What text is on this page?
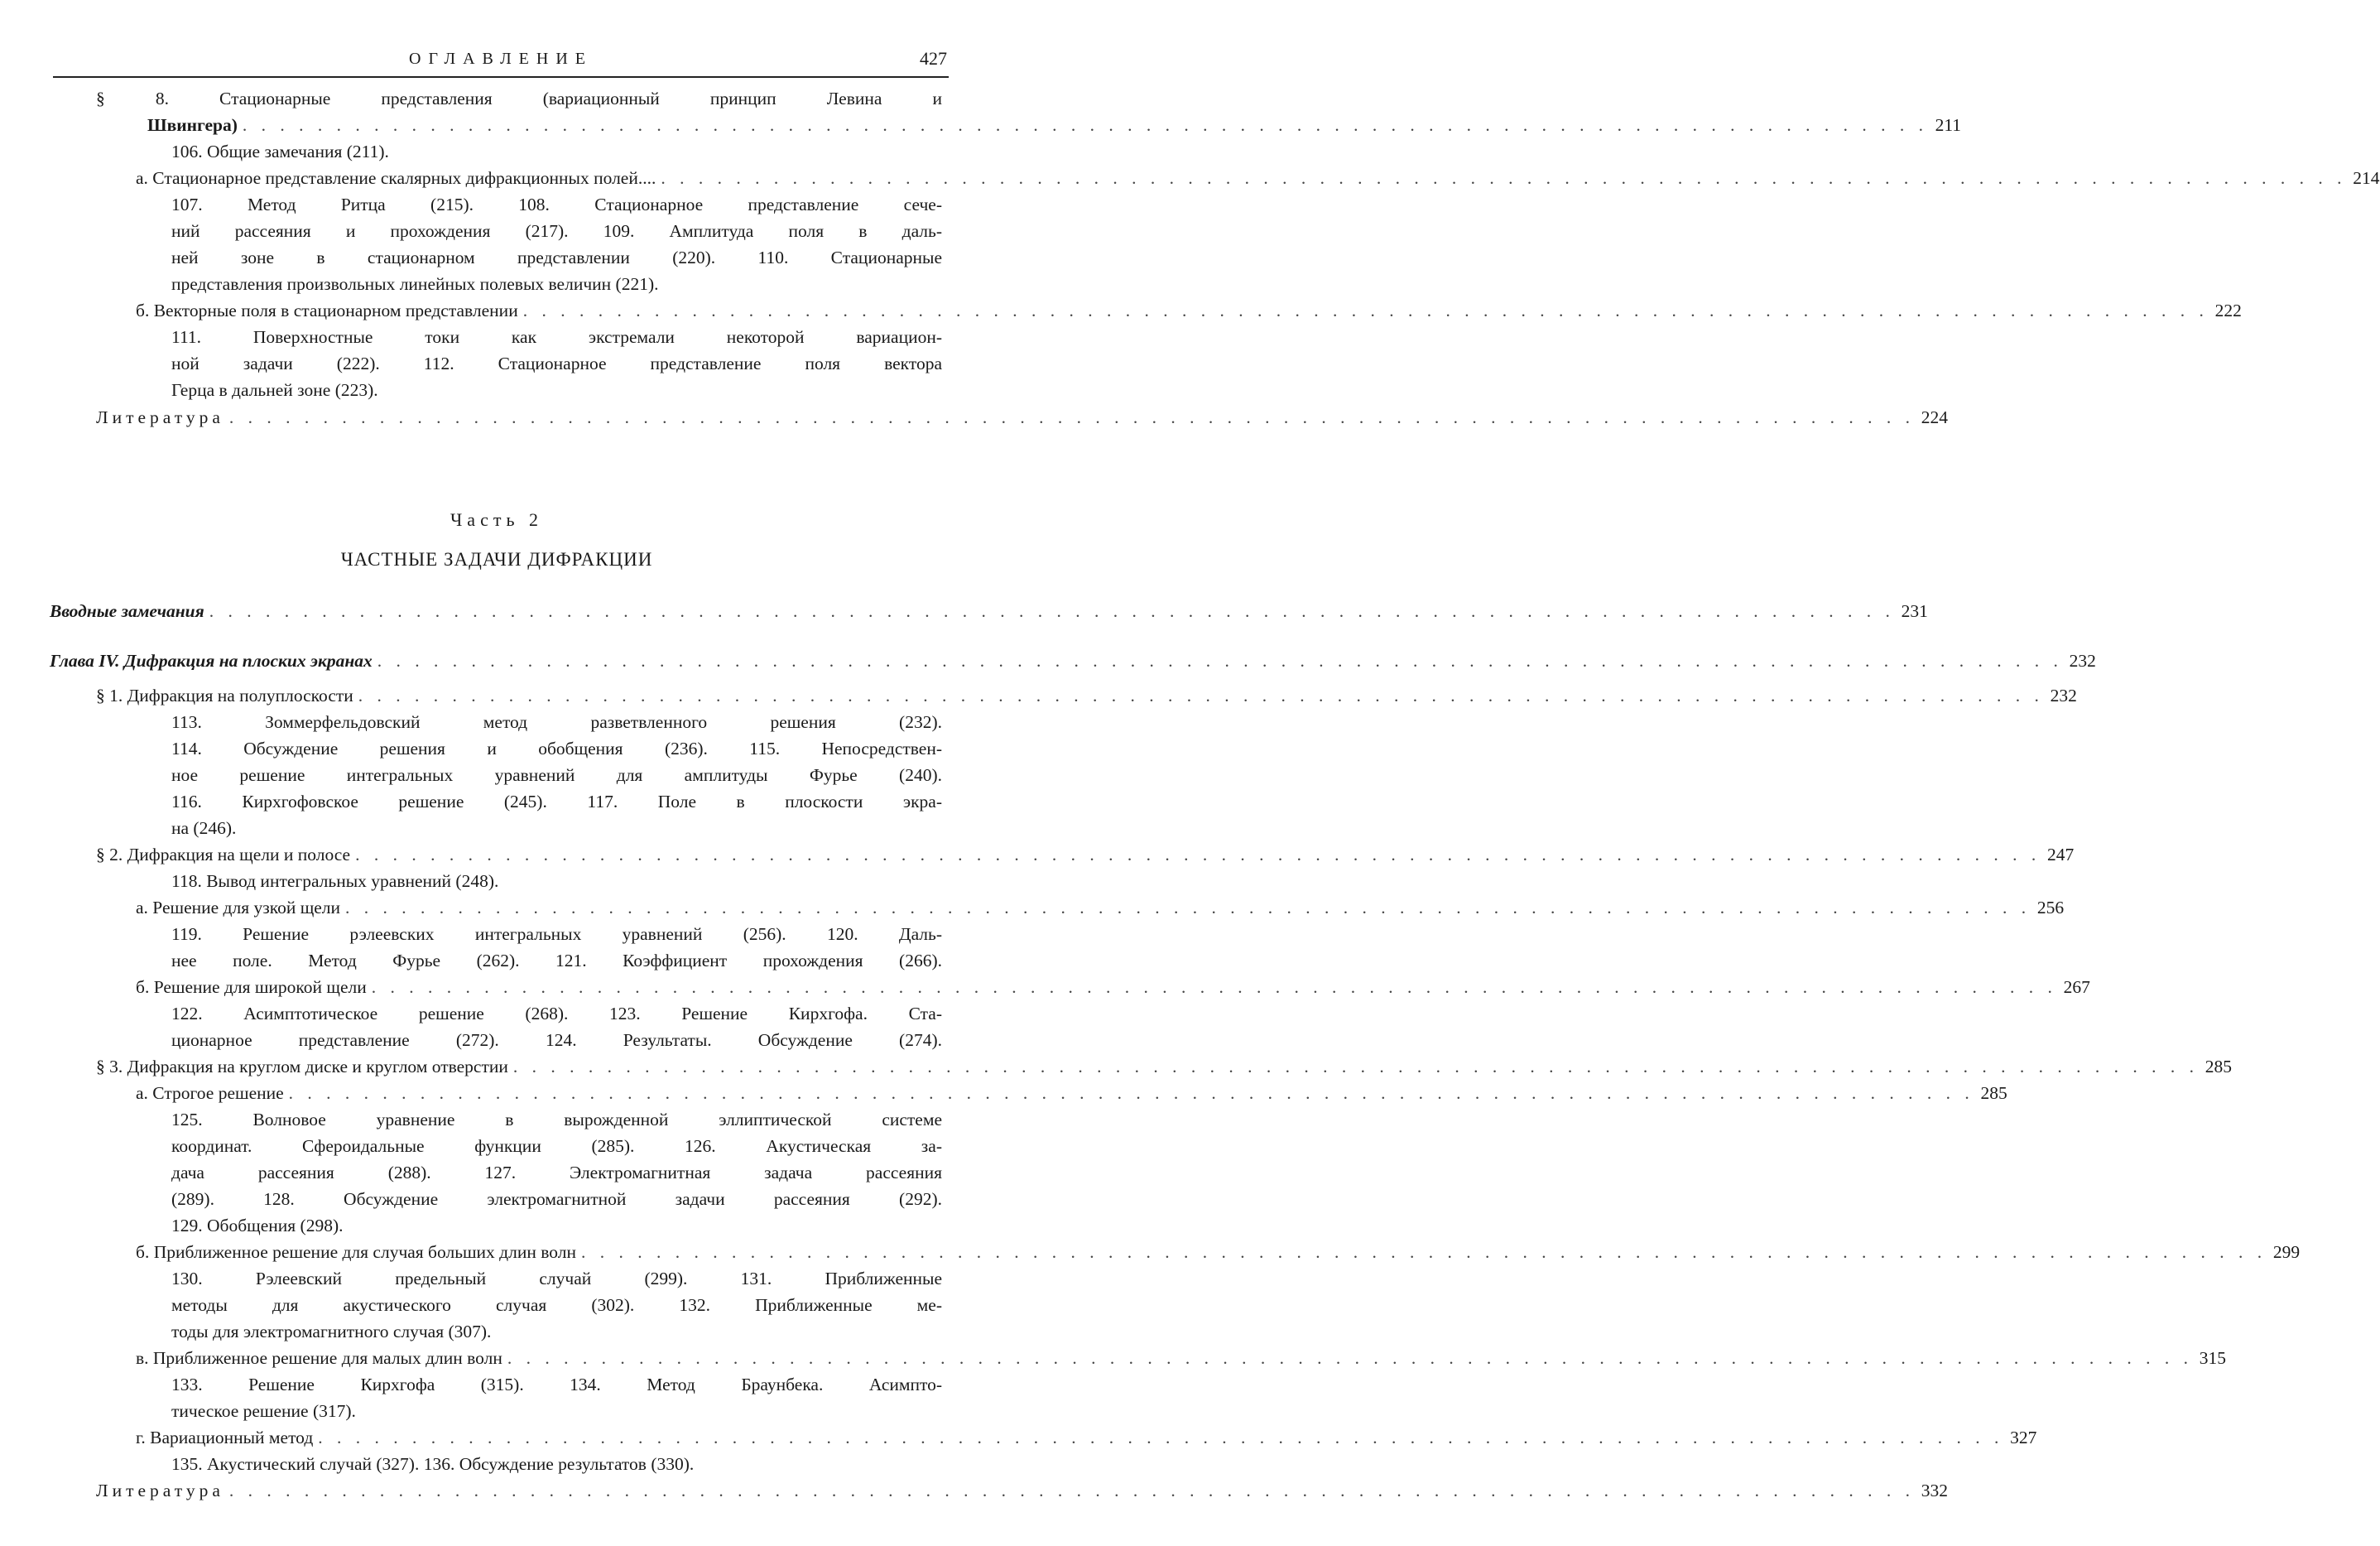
ОГЛАВЛЕНИЕ	427
§ 8. Стационарные представления (вариационный принцип Левина и
Швингера) . . . . . . . . . . . . . . . . . . . . . . . . . . . . . . . . . . . . . . . . . . . . . . . . . . . . . . . . . . . . . . . . . . . . . . . . . . . . . . . . . . . . . . . . . . 211
106. Общие замечания (211).
а. Стационарное представление скалярных дифракционных полей.... . . . . . . . . . . . . . . . . . . . . . . . . . . . . . . . . . . . . . . . . . . . . . . . . . . . . . . . . . . . . . . . . . . . . . . . . . . . . . . . . . . . . . . . . . . 214
107. Метод Ритца (215). 108. Стационарное представление сече-
ний рассеяния и прохождения (217). 109. Амплитуда поля в даль-
ней зоне в стационарном представлении (220). 110. Стационарные
представления произвольных линейных полевых величин (221).
б. Векторные поля в стационарном представлении . . . . . . . . . . . . . . . . . . . . . . . . . . . . . . . . . . . . . . . . . . . . . . . . . . . . . . . . . . . . . . . . . . . . . . . . . . . . . . . . . . . . . . . . . . 222
111. Поверхностные токи как экстремали некоторой вариацион-
ной задачи (222). 112. Стационарное представление поля вектора
Герца в дальней зоне (223).
Литература . . . . . . . . . . . . . . . . . . . . . . . . . . . . . . . . . . . . . . . . . . . . . . . . . . . . . . . . . . . . . . . . . . . . . . . . . . . . . . . . . . . . . . . . . . 224
Часть 2
ЧАСТНЫЕ ЗАДАЧИ ДИФРАКЦИИ
Вводные замечания . . . . . . . . . . . . . . . . . . . . . . . . . . . . . . . . . . . . . . . . . . . . . . . . . . . . . . . . . . . . . . . . . . . . . . . . . . . . . . . . . . . . . . . . . . 231
Глава IV. Дифракция на плоских экранах . . . . . . . . . . . . . . . . . . . . . . . . . . . . . . . . . . . . . . . . . . . . . . . . . . . . . . . . . . . . . . . . . . . . . . . . . . . . . . . . . . . . . . . . . . 232
§ 1. Дифракция на полуплоскости . . . . . . . . . . . . . . . . . . . . . . . . . . . . . . . . . . . . . . . . . . . . . . . . . . . . . . . . . . . . . . . . . . . . . . . . . . . . . . . . . . . . . . . . . . 232
113. Зоммерфельдовский метод разветвленного решения (232).
114. Обсуждение решения и обобщения (236). 115. Непосредствен-
ное решение интегральных уравнений для амплитуды Фурье (240).
116. Кирхгофовское решение (245). 117. Поле в плоскости экра-
на (246).
§ 2. Дифракция на щели и полосе . . . . . . . . . . . . . . . . . . . . . . . . . . . . . . . . . . . . . . . . . . . . . . . . . . . . . . . . . . . . . . . . . . . . . . . . . . . . . . . . . . . . . . . . . . 247
118. Вывод интегральных уравнений (248).
а. Решение для узкой щели . . . . . . . . . . . . . . . . . . . . . . . . . . . . . . . . . . . . . . . . . . . . . . . . . . . . . . . . . . . . . . . . . . . . . . . . . . . . . . . . . . . . . . . . . . 256
119. Решение рэлеевских интегральных уравнений (256). 120. Даль-
нее поле. Метод Фурье (262). 121. Коэффициент прохождения (266).
б. Решение для широкой щели . . . . . . . . . . . . . . . . . . . . . . . . . . . . . . . . . . . . . . . . . . . . . . . . . . . . . . . . . . . . . . . . . . . . . . . . . . . . . . . . . . . . . . . . . . 267
122. Асимптотическое решение (268). 123. Решение Кирхгофа. Ста-
ционарное представление (272). 124. Результаты. Обсуждение (274).
§ 3. Дифракция на круглом диске и круглом отверстии . . . . . . . . . . . . . . . . . . . . . . . . . . . . . . . . . . . . . . . . . . . . . . . . . . . . . . . . . . . . . . . . . . . . . . . . . . . . . . . . . . . . . . . . . . 285
а. Строгое решение . . . . . . . . . . . . . . . . . . . . . . . . . . . . . . . . . . . . . . . . . . . . . . . . . . . . . . . . . . . . . . . . . . . . . . . . . . . . . . . . . . . . . . . . . . 285
125. Волновое уравнение в вырожденной эллиптической системе
координат. Сфероидальные функции (285). 126. Акустическая за-
дача рассеяния (288). 127. Электромагнитная задача рассеяния
(289). 128. Обсуждение электромагнитной задачи рассеяния (292).
129. Обобщения (298).
б. Приближенное решение для случая больших длин волн . . . . . . . . . . . . . . . . . . . . . . . . . . . . . . . . . . . . . . . . . . . . . . . . . . . . . . . . . . . . . . . . . . . . . . . . . . . . . . . . . . . . . . . . . . 299
130. Рэлеевский предельный случай (299). 131. Приближенные
методы для акустического случая (302). 132. Приближенные ме-
тоды для электромагнитного случая (307).
в. Приближенное решение для малых длин волн . . . . . . . . . . . . . . . . . . . . . . . . . . . . . . . . . . . . . . . . . . . . . . . . . . . . . . . . . . . . . . . . . . . . . . . . . . . . . . . . . . . . . . . . . . 315
133. Решение Кирхгофа (315). 134. Метод Браунбека. Асимпто-
тическое решение (317).
г. Вариационный метод . . . . . . . . . . . . . . . . . . . . . . . . . . . . . . . . . . . . . . . . . . . . . . . . . . . . . . . . . . . . . . . . . . . . . . . . . . . . . . . . . . . . . . . . . . 327
135. Акустический случай (327). 136. Обсуждение результатов (330).
Литература . . . . . . . . . . . . . . . . . . . . . . . . . . . . . . . . . . . . . . . . . . . . . . . . . . . . . . . . . . . . . . . . . . . . . . . . . . . . . . . . . . . . . . . . . . 332
